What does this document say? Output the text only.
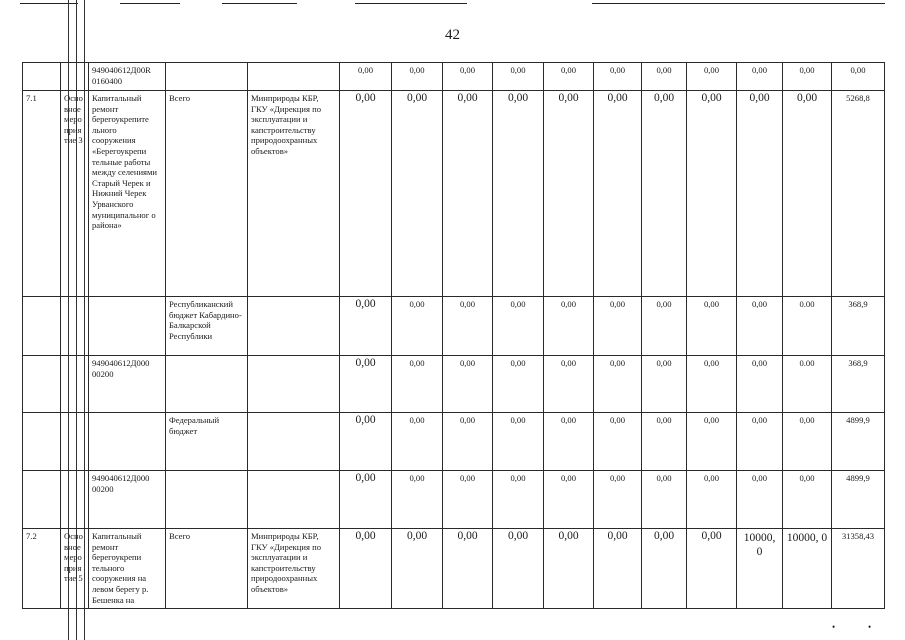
42
		949040612Д00R 0160400			0,00	0,00	0,00	0,00	0,00	0,00	0,00	0,00	0,00	0,00	0,00
7.1	Осно вное меро прия тие 3	Капитальный ремонт берегоукрепите льного сооружения «Берегоукрепи тельные работы между селениями Старый Черек и Нижний Черек Урванского муниципальног о района»	Всего	Минприроды КБР, ГКУ «Дирекция по эксплуатации и капстроительству природоохранных объектов»	0,00	0,00	0,00	0,00	0,00	0,00	0,00	0,00	0,00	0,00	5268,8
			Республиканский бюджет Кабардино-Балкарской Республики		0,00	0,00	0,00	0,00	0,00	0,00	0,00	0,00	0,00	0.00	368,9
		949040612Д000 00200			0,00	0,00	0,00	0,00	0,00	0,00	0,00	0,00	0,00	0.00	368,9
			Федеральный бюджет		0,00	0,00	0,00	0,00	0,00	0,00	0,00	0,00	0,00	0,00	4899,9
		949040612Д000 00200			0,00	0,00	0,00	0,00	0,00	0,00	0,00	0,00	0,00	0,00	4899,9
7.2	Осно вное меро прия тие 5	Капитальный ремонт берегоукрепи тельного сооружения на левом берегу р. Бешенка на	Всего	Минприроды КБР, ГКУ «Дирекция по эксплуатации и капстроительству природоохранных объектов»	0,00	0,00	0,00	0,00	0,00	0,00	0,00	0,00	10000, 0	10000, 0	31358,43
•	•
